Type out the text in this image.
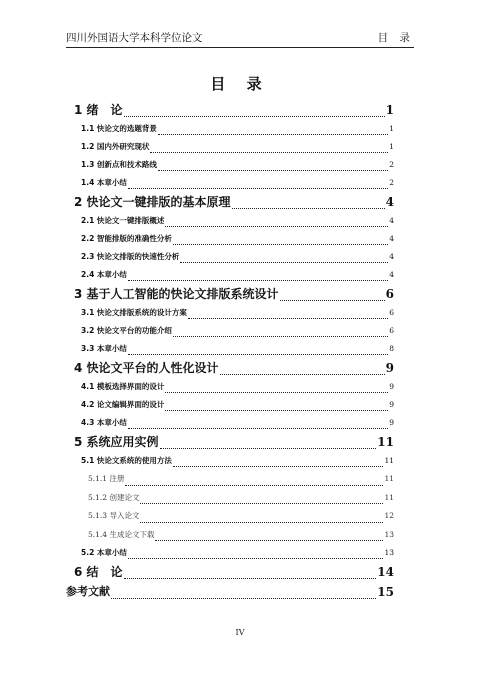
四川外国语大学本科学位论文	目 录
目 录
1 绪　论	1
1.1 快论文的选题背景	1
1.2 国内外研究现状	1
1.3 创新点和技术路线	2
1.4 本章小结	2
2 快论文一键排版的基本原理	4
2.1 快论文一键排版概述	4
2.2 智能排版的准确性分析	4
2.3 快论文排版的快速性分析	4
2.4 本章小结	4
3 基于人工智能的快论文排版系统设计	6
3.1 快论文排版系统的设计方案	6
3.2 快论文平台的功能介绍	6
3.3 本章小结	8
4 快论文平台的人性化设计	9
4.1 模板选择界面的设计	9
4.2 论文编辑界面的设计	9
4.3 本章小结	9
5 系统应用实例	11
5.1 快论文系统的使用方法	11
5.1.1 注册	11
5.1.2 创建论文	11
5.1.3 导入论文	12
5.1.4 生成论文下载	13
5.2 本章小结	13
6 结　论	14
参考文献	15
IV
